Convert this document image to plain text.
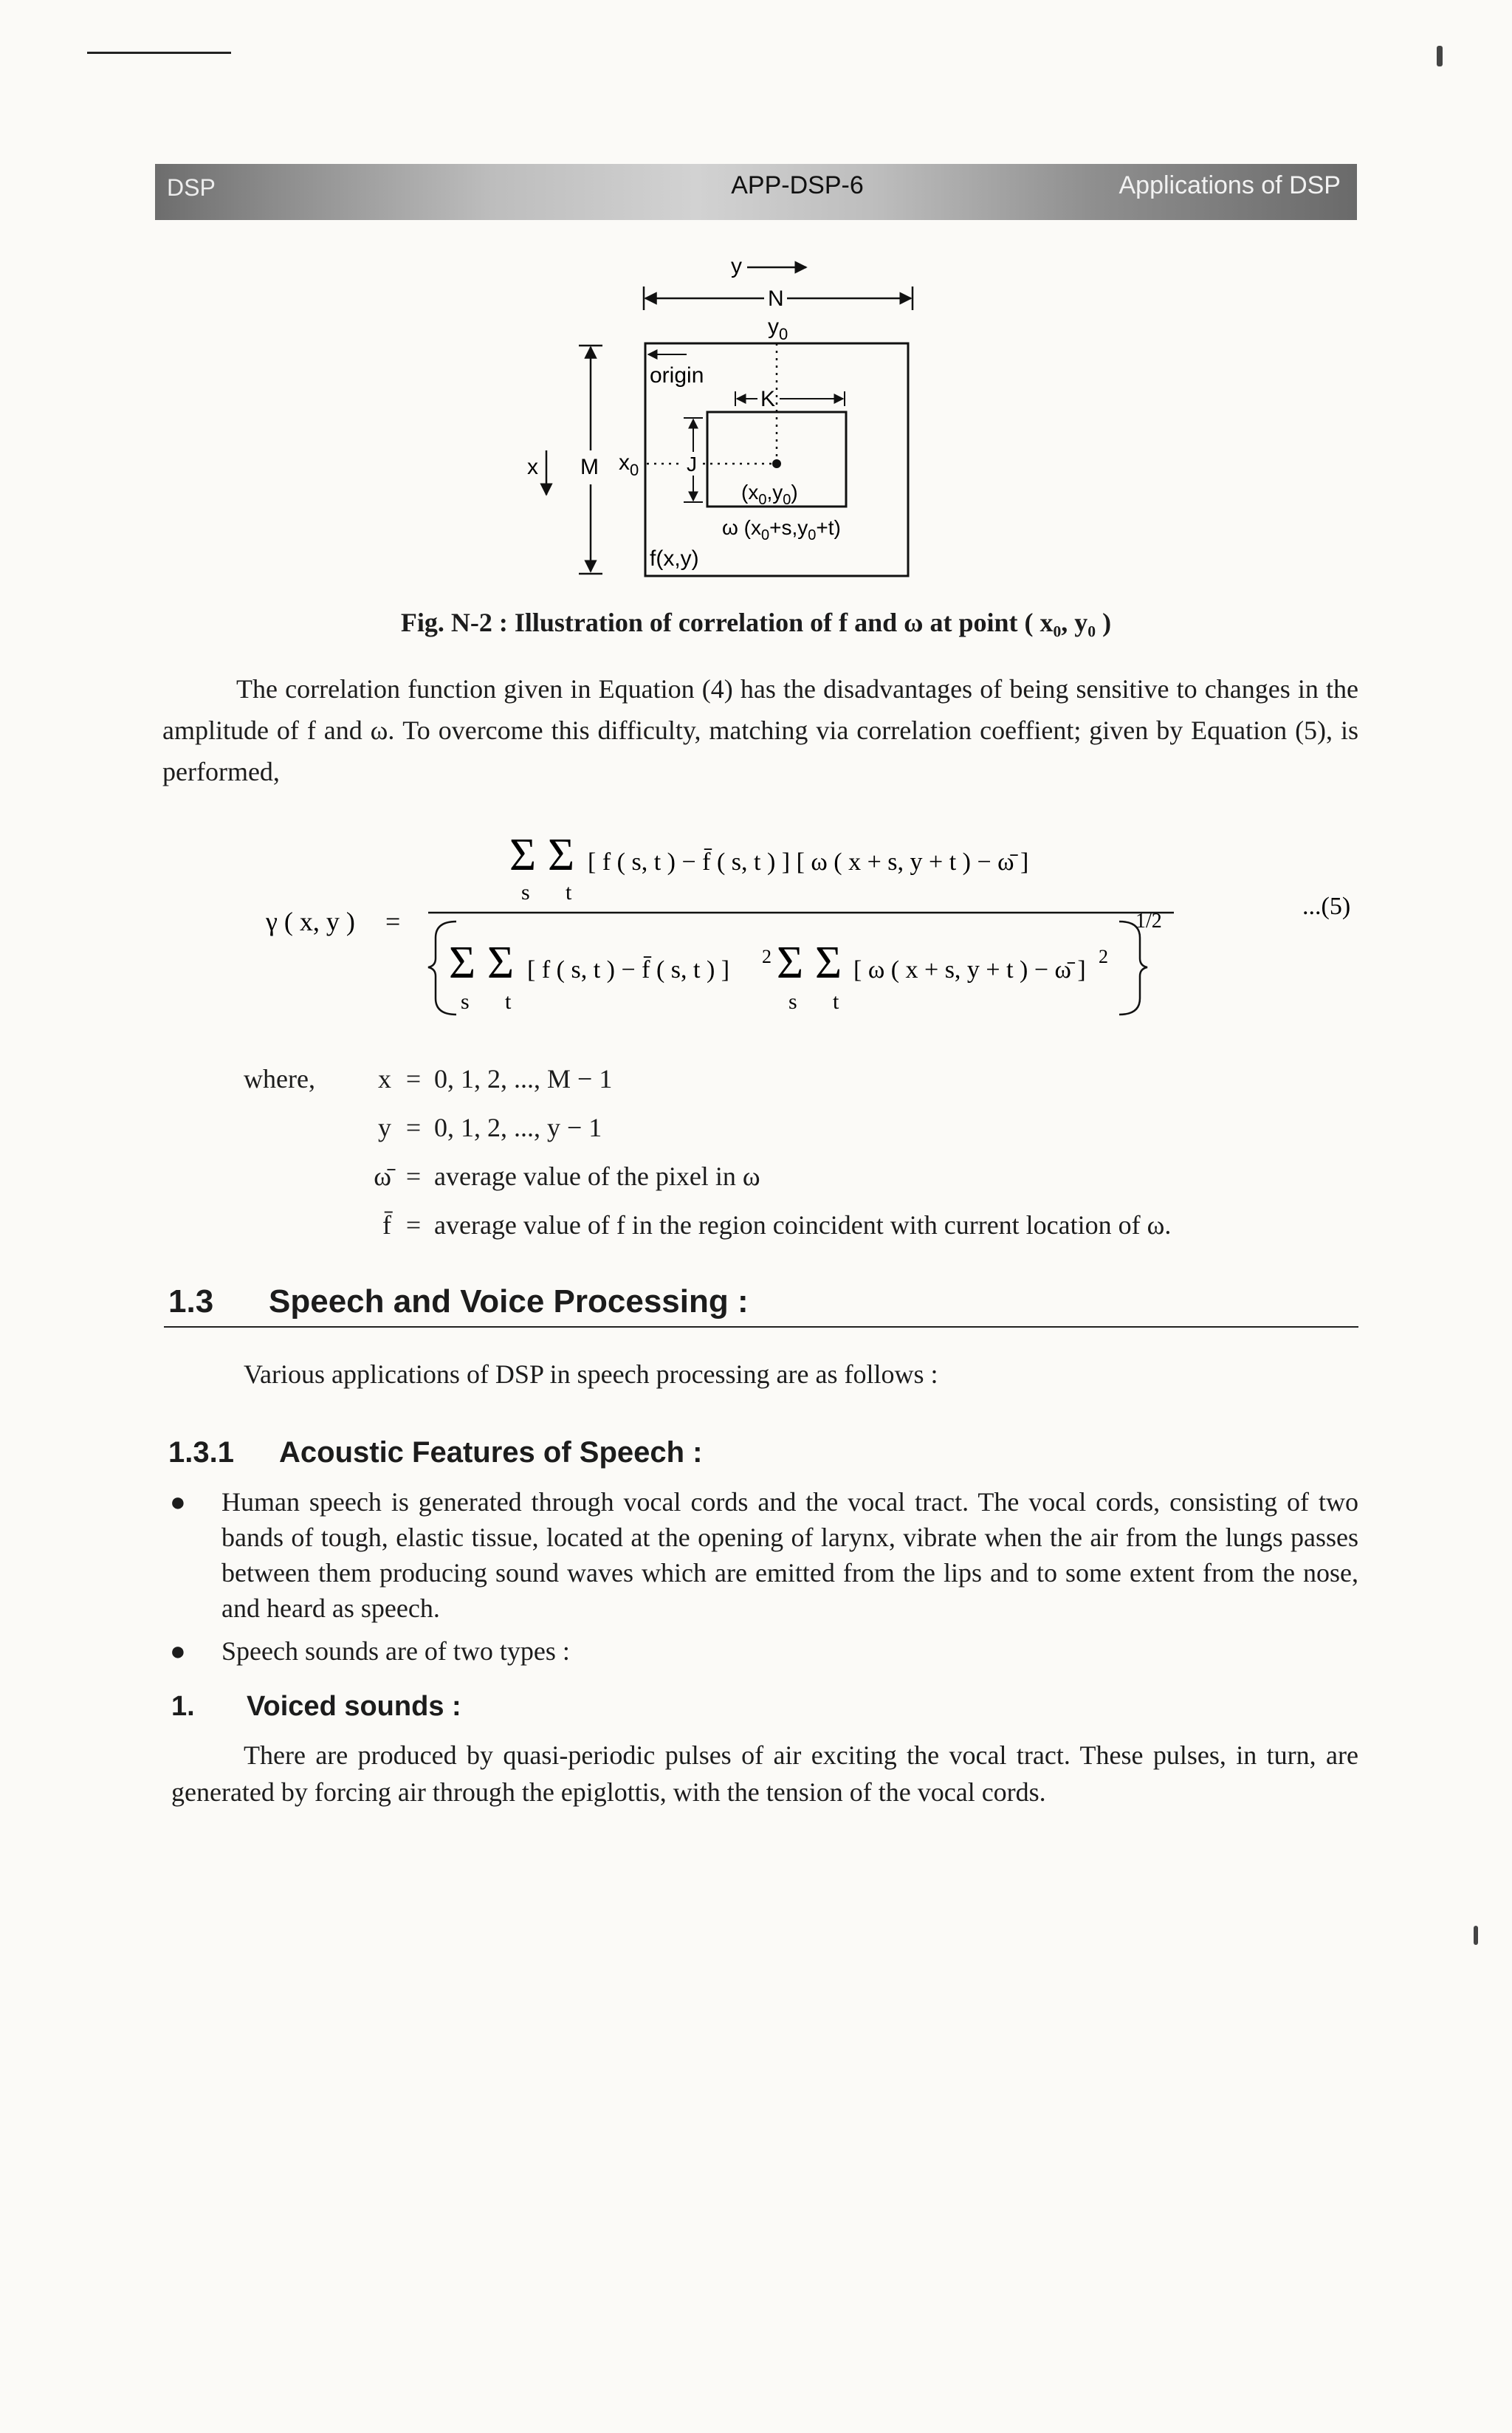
DSP	APP-DSP-6	Applications of DSP
y
N
$y_0$
origin
K
J
M
x	$x_0$
$(x_0,y_0)$
ω $(x_0+s,y_0+t)$
f(x,y)
Fig. N-2 : Illustration of correlation of f and ω at point ( x₀, y₀ )
The correlation function given in Equation (4) has the disadvantages of being sensitive to changes in the amplitude of f and ω. To overcome this difficulty, matching via correlation coeffient; given by Equation (5), is performed,
Σ Σ [ f ( s, t ) − f̄ ( s, t ) ] [ ω ( x + s, y + t ) − ω̄ ]
s t
γ ( x, y ) =	1/2
Σ Σ [ f ( s, t ) − f̄ ( s, t ) ] 2 Σ Σ [ ω ( x + s, y + t ) − ω̄ ] 2
s t	s t
...(5)
where,	x = 0, 1, 2, ..., M − 1
y = 0, 1, 2, ..., y − 1
ω̄ = average value of the pixel in ω
f̄ = average value of f in the region coincident with current location of ω.
1.3 Speech and Voice Processing :
Various applications of DSP in speech processing are as follows :
1.3.1 Acoustic Features of Speech :
● Human speech is generated through vocal cords and the vocal tract. The vocal cords, consisting of two bands of tough, elastic tissue, located at the opening of larynx, vibrate when the air from the lungs passes between them producing sound waves which are emitted from the lips and to some extent from the nose, and heard as speech.
● Speech sounds are of two types :
1. Voiced sounds :
There are produced by quasi-periodic pulses of air exciting the vocal tract. These pulses, in turn, are generated by forcing air through the epiglottis, with the tension of the vocal cords.
